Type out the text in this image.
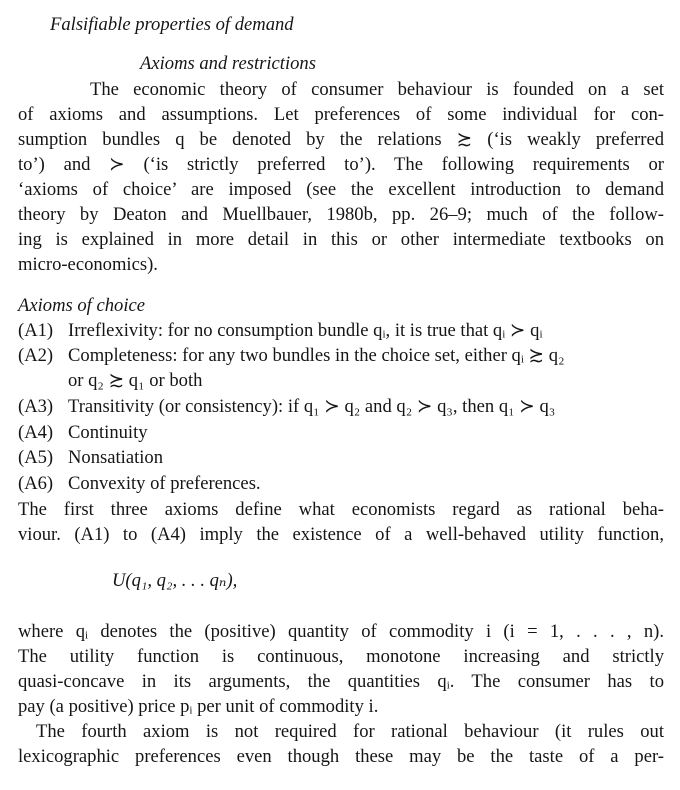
Falsifiable properties of demand
Axioms and restrictions
The economic theory of consumer behaviour is founded on a set
of axioms and assumptions. Let preferences of some individual for con-
sumption bundles q be denoted by the relations ≿ (‘is weakly preferred
to’) and ≻ (‘is strictly preferred to’). The following requirements or
‘axioms of choice’ are imposed (see the excellent introduction to demand
theory by Deaton and Muellbauer, 1980b, pp. 26–9; much of the follow-
ing is explained in more detail in this or other intermediate textbooks on
micro-economics).
Axioms of choice
(A1) Irreflexivity: for no consumption bundle qᵢ, it is true that qᵢ ≻ qᵢ
(A2) Completeness: for any two bundles in the choice set, either qᵢ ≿ q₂
or q₂ ≿ q₁ or both
(A3) Transitivity (or consistency): if q₁ ≻ q₂ and q₂ ≻ q₃, then q₁ ≻ q₃
(A4) Continuity
(A5) Nonsatiation
(A6) Convexity of preferences.
The first three axioms define what economists regard as rational beha-
viour. (A1) to (A4) imply the existence of a well-behaved utility function,
U(q₁, q₂, . . . qₙ),
where qᵢ denotes the (positive) quantity of commodity i (i = 1, . . . , n).
The utility function is continuous, monotone increasing and strictly
quasi-concave in its arguments, the quantities qᵢ. The consumer has to
pay (a positive) price pᵢ per unit of commodity i.
The fourth axiom is not required for rational behaviour (it rules out
lexicographic preferences even though these may be the taste of a per-
